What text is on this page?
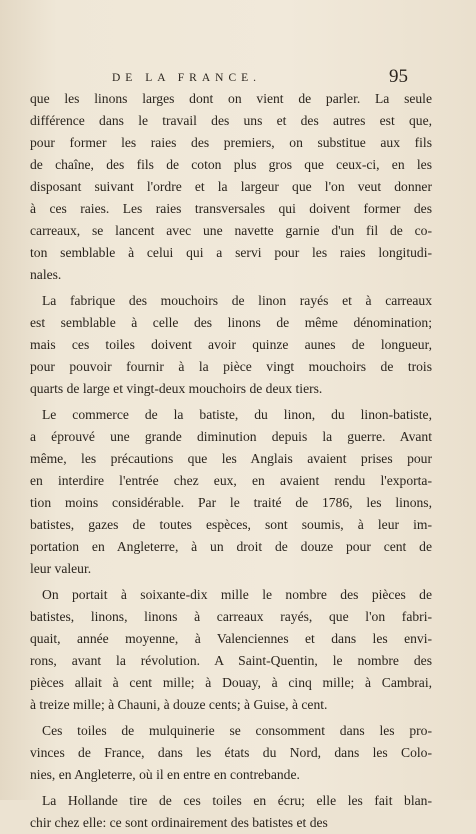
DE LA FRANCE.	95
que les linons larges dont on vient de parler. La seule
différence dans le travail des uns et des autres est que,
pour former les raies des premiers, on substitue aux fils
de chaîne, des fils de coton plus gros que ceux-ci, en les
disposant suivant l'ordre et la largeur que l'on veut donner
à ces raies. Les raies transversales qui doivent former des
carreaux, se lancent avec une navette garnie d'un fil de co-
ton semblable à celui qui a servi pour les raies longitudi-
nales.
La fabrique des mouchoirs de linon rayés et à carreaux
est semblable à celle des linons de même dénomination;
mais ces toiles doivent avoir quinze aunes de longueur,
pour pouvoir fournir à la pièce vingt mouchoirs de trois
quarts de large et vingt-deux mouchoirs de deux tiers.
Le commerce de la batiste, du linon, du linon-batiste,
a éprouvé une grande diminution depuis la guerre. Avant
même, les précautions que les Anglais avaient prises pour
en interdire l'entrée chez eux, en avaient rendu l'exporta-
tion moins considérable. Par le traité de 1786, les linons,
batistes, gazes de toutes espèces, sont soumis, à leur im-
portation en Angleterre, à un droit de douze pour cent de
leur valeur.
On portait à soixante-dix mille le nombre des pièces de
batistes, linons, linons à carreaux rayés, que l'on fabri-
quait, année moyenne, à Valenciennes et dans les envi-
rons, avant la révolution. A Saint-Quentin, le nombre des
pièces allait à cent mille; à Douay, à cinq mille; à Cambrai,
à treize mille; à Chauni, à douze cents; à Guise, à cent.
Ces toiles de mulquinerie se consomment dans les pro-
vinces de France, dans les états du Nord, dans les Colo-
nies, en Angleterre, où il en entre en contrebande.
La Hollande tire de ces toiles en écru; elle les fait blan-
chir chez elle: ce sont ordinairement des batistes et des
